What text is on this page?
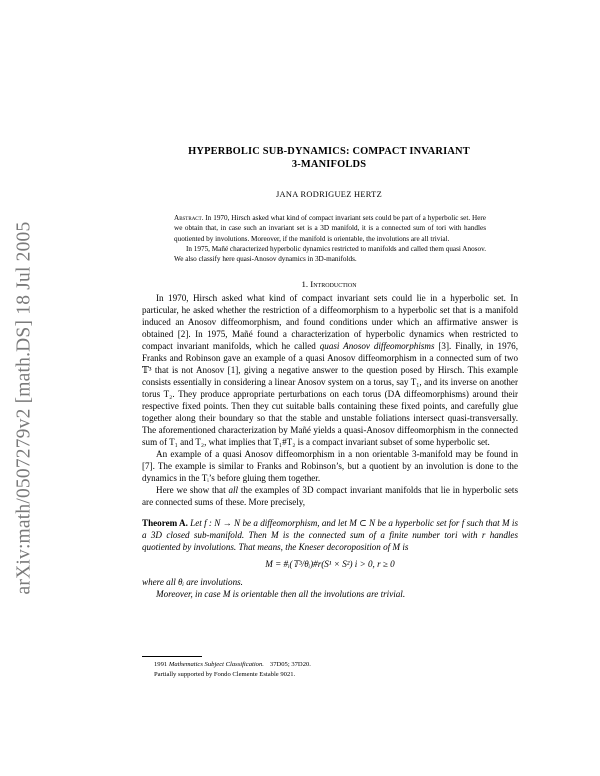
arXiv:math/0507279v2 [math.DS] 18 Jul 2005
HYPERBOLIC SUB-DYNAMICS: COMPACT INVARIANT
3-MANIFOLDS
JANA RODRIGUEZ HERTZ

Abstract. In 1970, Hirsch asked what kind of compact invariant sets could be part of a hyperbolic set. Here we obtain that, in case such an invariant set is a 3D manifold, it is a connected sum of tori with handles quotiented by involutions. Moreover, if the manifold is orientable, the involutions are all trivial.

In 1975, Mañé characterized hyperbolic dynamics restricted to manifolds and called them quasi Anosov. We also classify here quasi-Anosov dynamics in 3D-manifolds.

1. Introduction

In 1970, Hirsch asked what kind of compact invariant sets could lie in a hyperbolic set. In particular, he asked whether the restriction of a diffeomorphism to a hyperbolic set that is a manifold induced an Anosov diffeomorphism, and found conditions under which an affirmative answer is obtained [2]. In 1975, Mañé found a characterization of hyperbolic dynamics when restricted to compact invariant manifolds, which he called quasi Anosov diffeomorphisms [3]. Finally, in 1976, Franks and Robinson gave an example of a quasi Anosov diffeomorphism in a connected sum of two 𝕋³ that is not Anosov [1], giving a negative answer to the question posed by Hirsch. This example consists essentially in considering a linear Anosov system on a torus, say T₁, and its inverse on another torus T₂. They produce appropriate perturbations on each torus (DA diffeomorphisms) around their respective fixed points. Then they cut suitable balls containing these fixed points, and carefully glue together along their boundary so that the stable and unstable foliations intersect quasi-transversally. The aforementioned characterization by Mañé yields a quasi-Anosov diffeomorphism in the connected sum of T₁ and T₂, what implies that T₁#T₂ is a compact invariant subset of some hyperbolic set.

An example of a quasi Anosov diffeomorphism in a non orientable 3-manifold may be found in [7]. The example is similar to Franks and Robinson’s, but a quotient by an involution is done to the dynamics in the Tᵢ’s before gluing them together.

Here we show that all the examples of 3D compact invariant manifolds that lie in hyperbolic sets are connected sums of these. More precisely,

Theorem A. Let f : N → N be a diffeomorphism, and let M ⊂ N be a hyperbolic set for f such that M is a 3D closed sub-manifold. Then M is the connected sum of a finite number tori with r handles quotiented by involutions. That means, the Kneser decoroposition of M is

M = #ᵢ(𝕋³/θᵢ)#r(S¹ × S²) i > 0, r ≥ 0

where all θᵢ are involutions.

Moreover, in case M is orientable then all the involutions are trivial.

1991 Mathematics Subject Classification. 37D05; 37D20.

Partially supported by Fondo Clemente Estable 9021.
